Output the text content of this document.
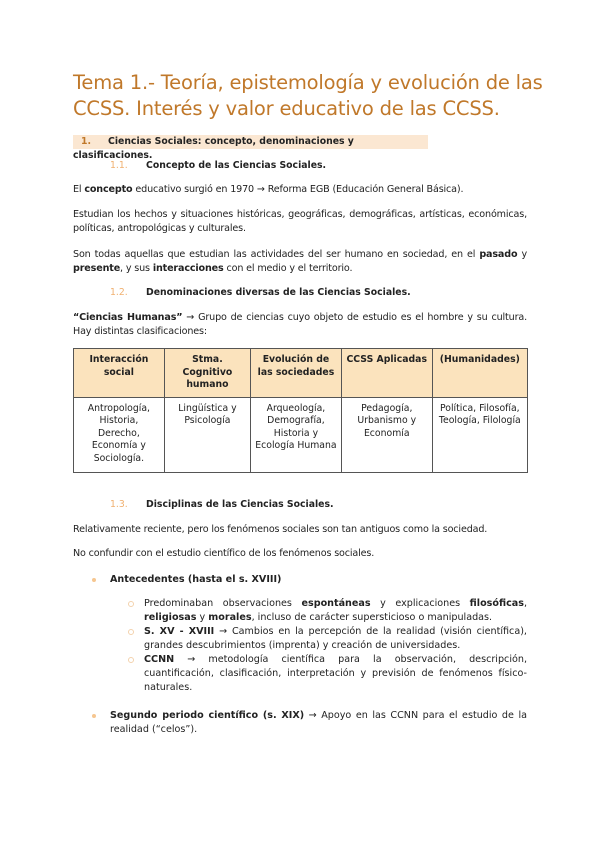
Tema 1.- Teoría, epistemología y evolución de las CCSS. Interés y valor educativo de las CCSS.
1. Ciencias Sociales: concepto, denominaciones y clasificaciones.
1.1. Concepto de las Ciencias Sociales.
El concepto educativo surgió en 1970 → Reforma EGB (Educación General Básica).
Estudian los hechos y situaciones históricas, geográficas, demográficas, artísticas, económicas, políticas, antropológicas y culturales.
Son todas aquellas que estudian las actividades del ser humano en sociedad, en el pasado y presente, y sus interacciones con el medio y el territorio.
1.2. Denominaciones diversas de las Ciencias Sociales.
“Ciencias Humanas” → Grupo de ciencias cuyo objeto de estudio es el hombre y su cultura. Hay distintas clasificaciones:
Interacción social	Stma. Cognitivo humano	Evolución de las sociedades	CCSS Aplicadas	(Humanidades)
Antropología, Historia, Derecho, Economía y Sociología.	Lingüística y Psicología	Arqueología, Demografía, Historia y Ecología Humana	Pedagogía, Urbanismo y Economía	Política, Filosofía, Teología, Filología
1.3. Disciplinas de las Ciencias Sociales.
Relativamente reciente, pero los fenómenos sociales son tan antiguos como la sociedad.
No confundir con el estudio científico de los fenómenos sociales.
Antecedentes (hasta el s. XVIII)
Predominaban observaciones espontáneas y explicaciones filosóficas, religiosas y morales, incluso de carácter supersticioso o manipuladas.
S. XV - XVIII → Cambios en la percepción de la realidad (visión científica), grandes descubrimientos (imprenta) y creación de universidades.
CCNN → metodología científica para la observación, descripción, cuantificación, clasificación, interpretación y previsión de fenómenos físico-naturales.
Segundo periodo científico (s. XIX) → Apoyo en las CCNN para el estudio de la realidad (“celos”).
